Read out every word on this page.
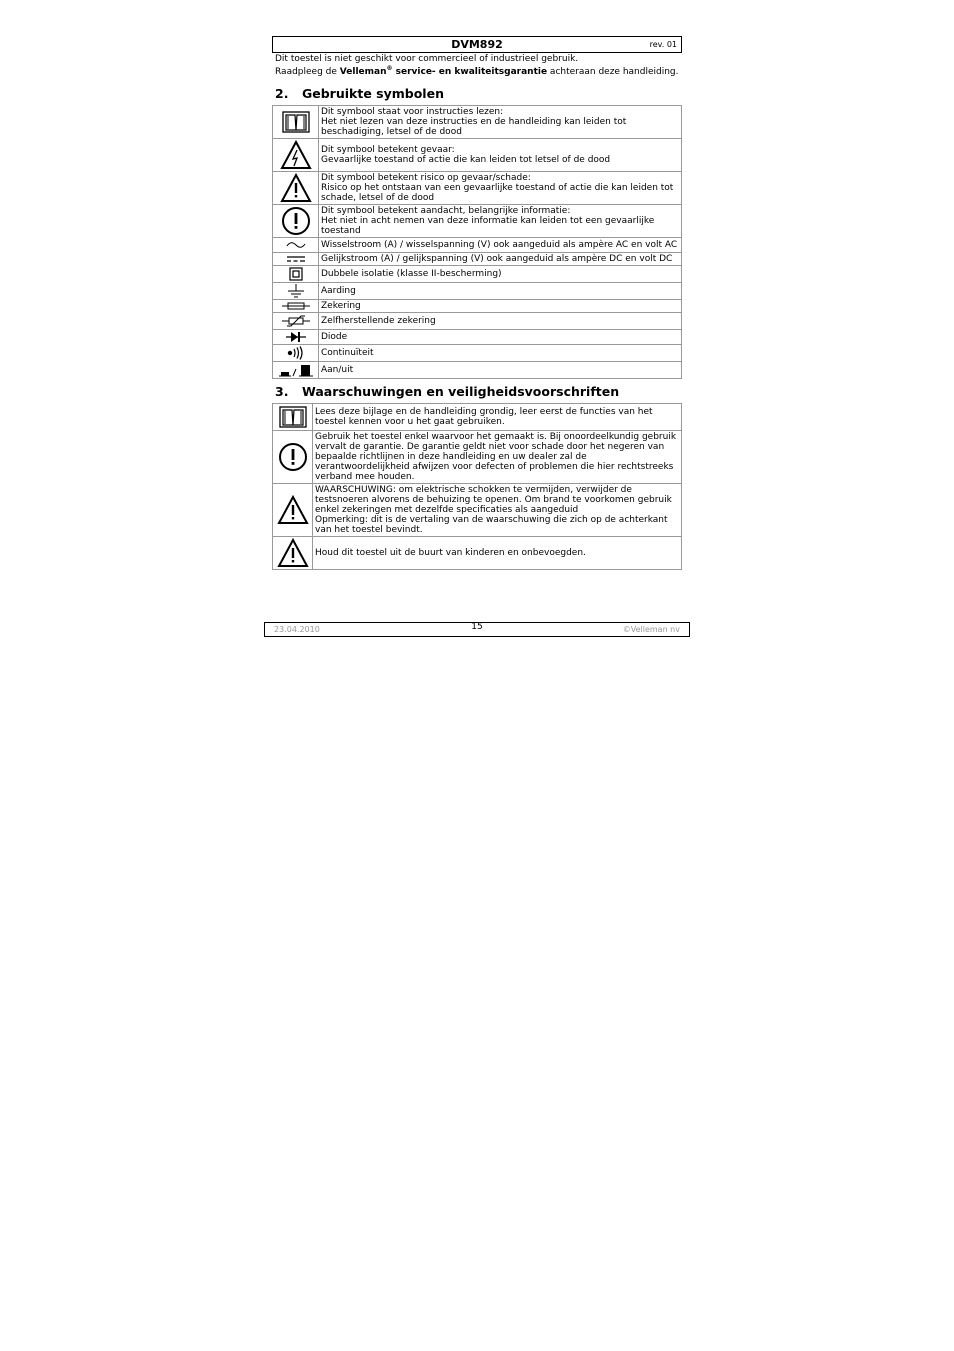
DVM892	rev. 01
Dit toestel is niet geschikt voor commercieel of industrieel gebruik.
Raadpleeg de Velleman® service- en kwaliteitsgarantie achteraan deze handleiding.
2. Gebruikte symbolen
	Dit symbool staat voor instructies lezen:
Het niet lezen van deze instructies en de handleiding kan leiden tot beschadiging, letsel of de dood

	Dit symbool betekent gevaar:
Gevaarlijke toestand of actie die kan leiden tot letsel of de dood

	Dit symbool betekent risico op gevaar/schade:
Risico op het ontstaan van een gevaarlijke toestand of actie die kan leiden tot schade, letsel of de dood

	Dit symbool betekent aandacht, belangrijke informatie:
Het niet in acht nemen van deze informatie kan leiden tot een gevaarlijke toestand

	Wisselstroom (A) / wisselspanning (V) ook aangeduid als ampère AC en volt AC

	Gelijkstroom (A) / gelijkspanning (V) ook aangeduid als ampère DC en volt DC

	Dubbele isolatie (klasse II-bescherming)

	Aarding

	Zekering

	Zelfherstellende zekering

	Diode

	Continuïteit

	Aan/uit
3. Waarschuwingen en veiligheidsvoorschriften
	Lees deze bijlage en de handleiding grondig, leer eerst de functies van het toestel kennen voor u het gaat gebruiken.

	Gebruik het toestel enkel waarvoor het gemaakt is. Bij onoordeelkundig gebruik vervalt de garantie. De garantie geldt niet voor schade door het negeren van bepaalde richtlijnen in deze handleiding en uw dealer zal de verantwoordelijkheid afwijzen voor defecten of problemen die hier rechtstreeks verband mee houden.

	WAARSCHUWING: om elektrische schokken te vermijden, verwijder de testsnoeren alvorens de behuizing te openen. Om brand te voorkomen gebruik enkel zekeringen met dezelfde specificaties als aangeduid
Opmerking: dit is de vertaling van de waarschuwing die zich op de achterkant van het toestel bevindt.

	Houd dit toestel uit de buurt van kinderen en onbevoegden.
23.04.2010	15	©Velleman nv
